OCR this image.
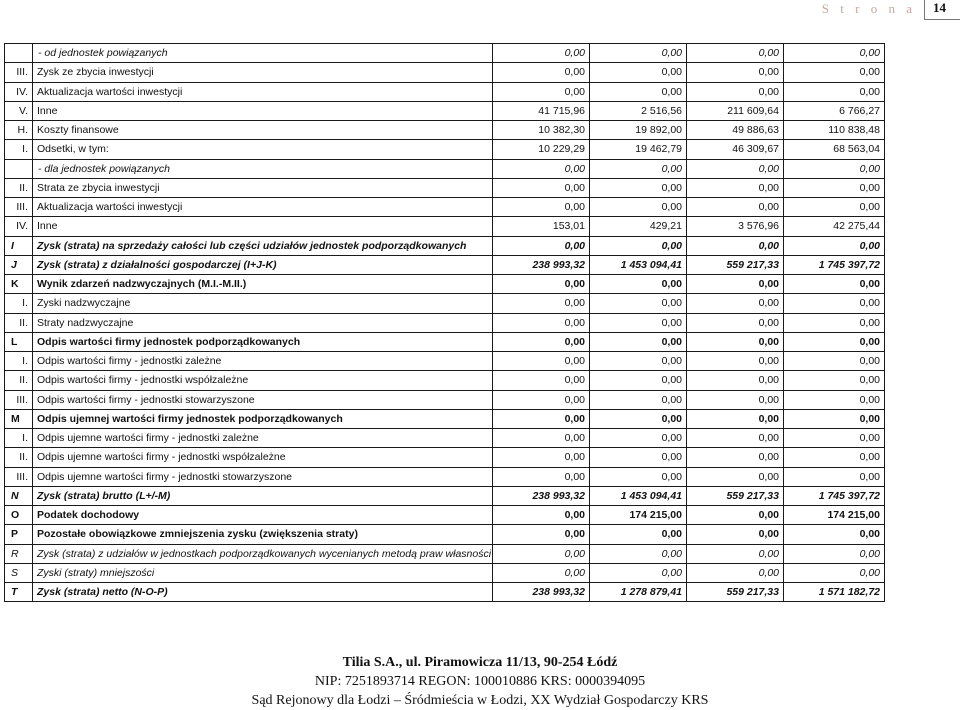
S t r o n a	14
	- od jednostek powiązanych	0,00	0,00	0,00	0,00
III.	Zysk ze zbycia inwestycji	0,00	0,00	0,00	0,00
IV.	Aktualizacja wartości inwestycji	0,00	0,00	0,00	0,00
V.	Inne	41 715,96	2 516,56	211 609,64	6 766,27
H.	Koszty finansowe	10 382,30	19 892,00	49 886,63	110 838,48
I.	Odsetki, w tym:	10 229,29	19 462,79	46 309,67	68 563,04
	- dla jednostek powiązanych	0,00	0,00	0,00	0,00
II.	Strata ze zbycia inwestycji	0,00	0,00	0,00	0,00
III.	Aktualizacja wartości inwestycji	0,00	0,00	0,00	0,00
IV.	Inne	153,01	429,21	3 576,96	42 275,44
I	Zysk (strata) na sprzedaży całości lub części udziałów jednostek podporządkowanych	0,00	0,00	0,00	0,00
J	Zysk (strata) z działalności gospodarczej (I+J-K)	238 993,32	1 453 094,41	559 217,33	1 745 397,72
K	Wynik zdarzeń nadzwyczajnych (M.I.-M.II.)	0,00	0,00	0,00	0,00
I.	Zyski nadzwyczajne	0,00	0,00	0,00	0,00
II.	Straty nadzwyczajne	0,00	0,00	0,00	0,00
L	Odpis wartości firmy jednostek podporządkowanych	0,00	0,00	0,00	0,00
I.	Odpis wartości firmy - jednostki zależne	0,00	0,00	0,00	0,00
II.	Odpis wartości firmy - jednostki współzależne	0,00	0,00	0,00	0,00
III.	Odpis wartości firmy - jednostki stowarzyszone	0,00	0,00	0,00	0,00
M	Odpis ujemnej wartości firmy jednostek podporządkowanych	0,00	0,00	0,00	0,00
I.	Odpis ujemne wartości firmy - jednostki zależne	0,00	0,00	0,00	0,00
II.	Odpis ujemne wartości firmy - jednostki współzależne	0,00	0,00	0,00	0,00
III.	Odpis ujemne wartości firmy - jednostki stowarzyszone	0,00	0,00	0,00	0,00
N	Zysk (strata) brutto (L+/-M)	238 993,32	1 453 094,41	559 217,33	1 745 397,72
O	Podatek dochodowy	0,00	174 215,00	0,00	174 215,00
P	Pozostałe obowiązkowe zmniejszenia zysku (zwiększenia straty)	0,00	0,00	0,00	0,00
R	Zysk (strata) z udziałów w jednostkach podporządkowanych wycenianych metodą praw własności	0,00	0,00	0,00	0,00
S	Zyski (straty) mniejszości	0,00	0,00	0,00	0,00
T	Zysk (strata) netto (N-O-P)	238 993,32	1 278 879,41	559 217,33	1 571 182,72
Tilia S.A., ul. Piramowicza 11/13, 90-254 Łódź
NIP: 7251893714 REGON: 100010886 KRS: 0000394095
Sąd Rejonowy dla Łodzi – Śródmieścia w Łodzi, XX Wydział Gospodarczy KRS
